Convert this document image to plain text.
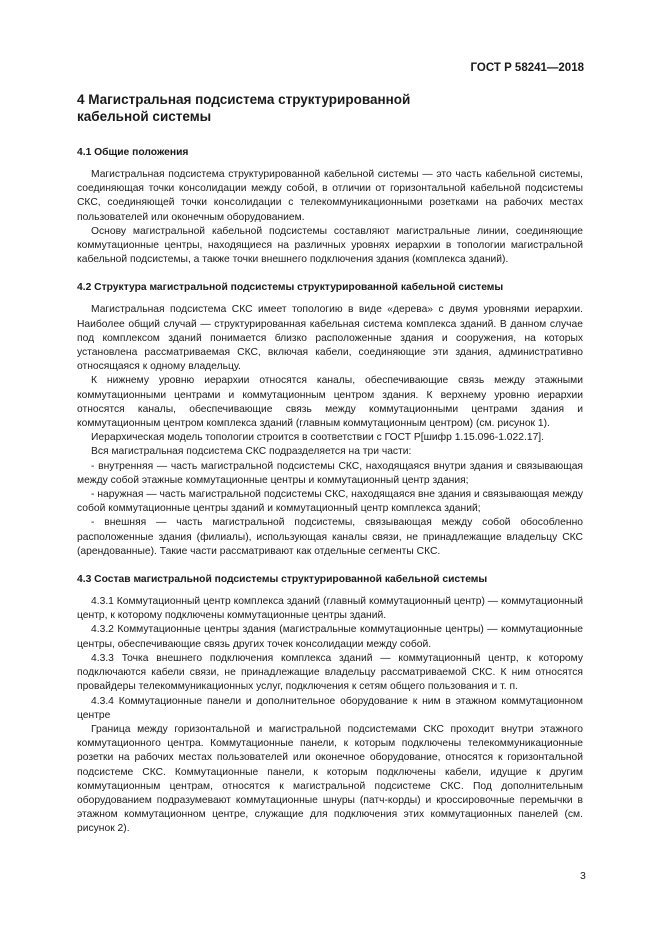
ГОСТ Р 58241—2018
4 Магистральная подсистема структурированной кабельной системы
4.1 Общие положения

Магистральная подсистема структурированной кабельной системы — это часть кабельной системы, соединяющая точки консолидации между собой, в отличии от горизонтальной кабельной подсистемы СКС, соединяющей точки консолидации с телекоммуникационными розетками на рабочих местах пользователей или оконечным оборудованием.

Основу магистральной кабельной подсистемы составляют магистральные линии, соединяющие коммутационные центры, находящиеся на различных уровнях иерархии в топологии магистральной кабельной подсистемы, а также точки внешнего подключения здания (комплекса зданий).

4.2 Структура магистральной подсистемы структурированной кабельной системы

Магистральная подсистема СКС имеет топологию в виде «дерева» с двумя уровнями иерархии. Наиболее общий случай — структурированная кабельная система комплекса зданий. В данном случае под комплексом зданий понимается близко расположенные здания и сооружения, на которых установлена рассматриваемая СКС, включая кабели, соединяющие эти здания, административно относящаяся к одному владельцу.

К нижнему уровню иерархии относятся каналы, обеспечивающие связь между этажными коммутационными центрами и коммутационным центром здания. К верхнему уровню иерархии относятся каналы, обеспечивающие связь между коммутационными центрами здания и коммутационным центром комплекса зданий (главным коммутационным центром) (см. рисунок 1).

Иерархическая модель топологии строится в соответствии с ГОСТ Р[шифр 1.15.096-1.022.17].

Вся магистральная подсистема СКС подразделяется на три части:

- внутренняя — часть магистральной подсистемы СКС, находящаяся внутри здания и связывающая между собой этажные коммутационные центры и коммутационный центр здания;

- наружная — часть магистральной подсистемы СКС, находящаяся вне здания и связывающая между собой коммутационные центры зданий и коммутационный центр комплекса зданий;

- внешняя — часть магистральной подсистемы, связывающая между собой обособленно расположенные здания (филиалы), использующая каналы связи, не принадлежащие владельцу СКС (арендованные). Такие части рассматривают как отдельные сегменты СКС.

4.3 Состав магистральной подсистемы структурированной кабельной системы

4.3.1 Коммутационный центр комплекса зданий (главный коммутационный центр) — коммутационный центр, к которому подключены коммутационные центры зданий.

4.3.2 Коммутационные центры здания (магистральные коммутационные центры) — коммутационные центры, обеспечивающие связь других точек консолидации между собой.

4.3.3 Точка внешнего подключения комплекса зданий — коммутационный центр, к которому подключаются кабели связи, не принадлежащие владельцу рассматриваемой СКС. К ним относятся провайдеры телекоммуникационных услуг, подключения к сетям общего пользования и т. п.

4.3.4 Коммутационные панели и дополнительное оборудование к ним в этажном коммутационном центре

Граница между горизонтальной и магистральной подсистемами СКС проходит внутри этажного коммутационного центра. Коммутационные панели, к которым подключены телекоммуникационные розетки на рабочих местах пользователей или оконечное оборудование, относятся к горизонтальной подсистеме СКС. Коммутационные панели, к которым подключены кабели, идущие к другим коммутационным центрам, относятся к магистральной подсистеме СКС. Под дополнительным оборудованием подразумевают коммутационные шнуры (патч-корды) и кроссировочные перемычки в этажном коммутационном центре, служащие для подключения этих коммутационных панелей (см. рисунок 2).

3
